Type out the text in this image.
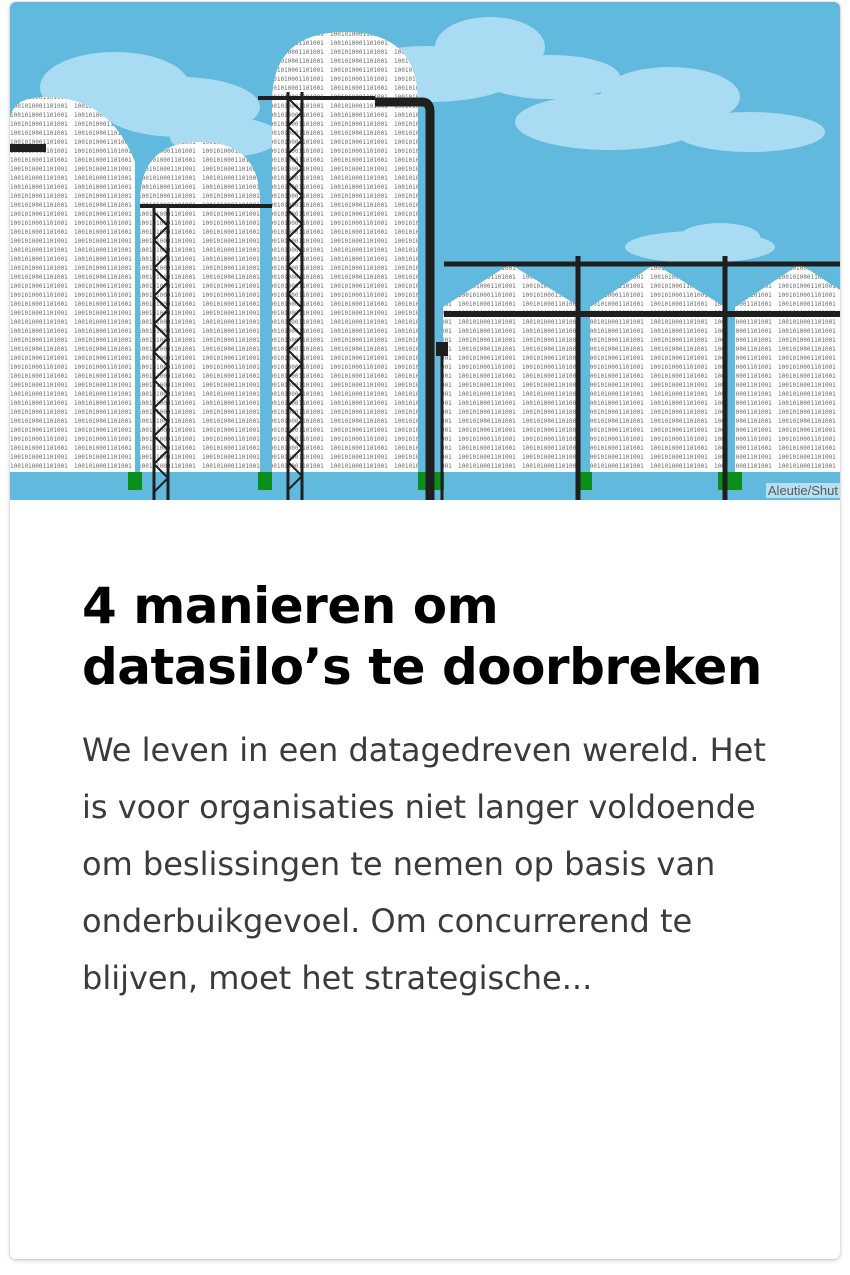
Aleutie/Shut
4 manieren om datasilo’s te doorbreken

We leven in een datagedreven wereld. Het is voor organisaties niet langer voldoende om beslissingen te nemen op basis van onderbuikgevoel. Om concurrerend te blijven, moet het strategische...
